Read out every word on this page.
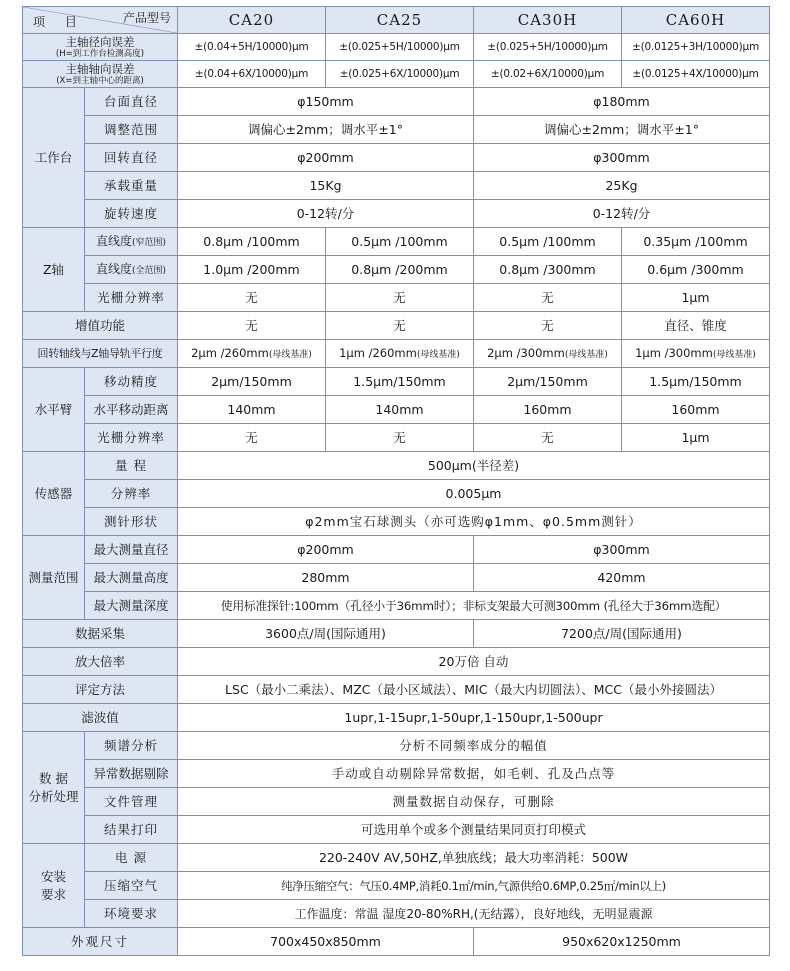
产品型号
项 目		CA20	CA25	CA30H	CA60H
主轴径向误差
(H=到工作台检测高度)		±(0.04+5H/10000)μm	±(0.025+5H/10000)μm	±(0.025+5H/10000)μm	±(0.0125+3H/10000)μm
主轴轴向误差
(X=到主轴中心的距离)		±(0.04+6X/10000)μm	±(0.025+6X/10000)μm	±(0.02+6X/10000)μm	±(0.0125+4X/10000)μm
工作台	台面直径	φ150mm		φ180mm	
	调整范围	调偏心±2mm；调水平±1°		调偏心±2mm；调水平±1°	
	回转直径	φ200mm		φ300mm	
	承载重量	15Kg		25Kg	
	旋转速度	0-12转/分		0-12转/分	
Z轴	直线度(窄范围)	0.8μm /100mm	0.5μm /100mm	0.5μm /100mm	0.35μm /100mm
	直线度(全范围)	1.0μm /200mm	0.8μm /200mm	0.8μm /300mm	0.6μm /300mm
	光栅分辨率	无	无	无	1μm
增值功能		无	无	无	直径、锥度
回转轴线与Z轴导轨平行度		2μm /260mm(母线基准)	1μm /260mm(母线基准)	2μm /300mm(母线基准)	1μm /300mm(母线基准)
水平臂	移动精度	2μm/150mm	1.5μm/150mm	2μm/150mm	1.5μm/150mm
	水平移动距离	140mm	140mm	160mm	160mm
	光栅分辨率	无	无	无	1μm
传感器	量 程	500μm(半径差)			
	分辨率	0.005μm			
	测针形状	φ2mm宝石球测头（亦可选购φ1mm、φ0.5mm测针）			
测量范围	最大测量直径	φ200mm		φ300mm	
	最大测量高度	280mm		420mm	
	最大测量深度	使用标准探针:100mm（孔径小于36mm时）；非标支架最大可测300mm (孔径大于36mm选配）			
数据采集		3600点/周(国际通用)		7200点/周(国际通用)	
放大倍率		20万倍 自动			
评定方法		LSC（最小二乘法）、MZC（最小区域法）、MIC（最大内切圆法）、MCC（最小外接圆法）			
滤波值		1upr,1-15upr,1-50upr,1-150upr,1-500upr			

数 据
分析处理	频谱分析	分析不同频率成分的幅值			
	异常数据剔除	手动或自动剔除异常数据，如毛刺、孔及凸点等			
	文件管理	测量数据自动保存，可删除			
	结果打印	可选用单个或多个测量结果同页打印模式			

安装
要求	电 源	220-240V AV,50HZ,单独底线；最大功率消耗：500W			
	压缩空气	纯净压缩空气：气压0.4MP,消耗0.1㎡/min,气源供给0.6MP,0.25㎡/min以上)			
	环境要求	工作温度：常温 湿度20-80%RH,(无结露），良好地线，无明显震源			
外观尺寸		700x450x850mm		950x620x1250mm	
